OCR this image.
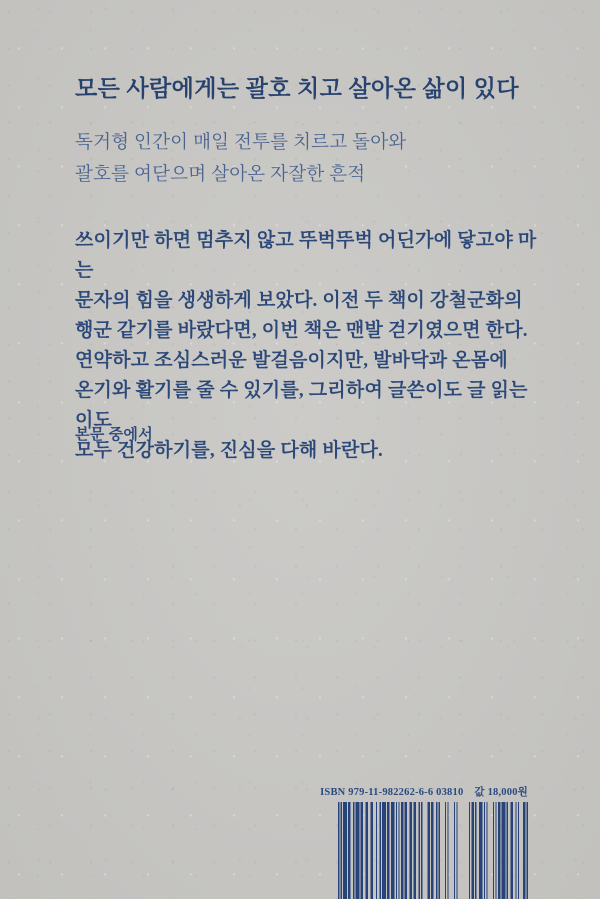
모든 사람에게는 괄호 치고 살아온 삶이 있다
독거형 인간이 매일 전투를 치르고 돌아와
괄호를 여닫으며 살아온 자잘한 흔적
쓰이기만 하면 멈추지 않고 뚜벅뚜벅 어딘가에 닿고야 마는
문자의 힘을 생생하게 보았다. 이전 두 책이 강철군화의
행군 같기를 바랐다면, 이번 책은 맨발 걷기였으면 한다.
연약하고 조심스러운 발걸음이지만, 발바닥과 온몸에
온기와 활기를 줄 수 있기를, 그리하여 글쓴이도 글 읽는 이도
모두 건강하기를, 진심을 다해 바란다.
본문 중에서
ISBN 979-11-982262-6-6 03810 값 18,000원
